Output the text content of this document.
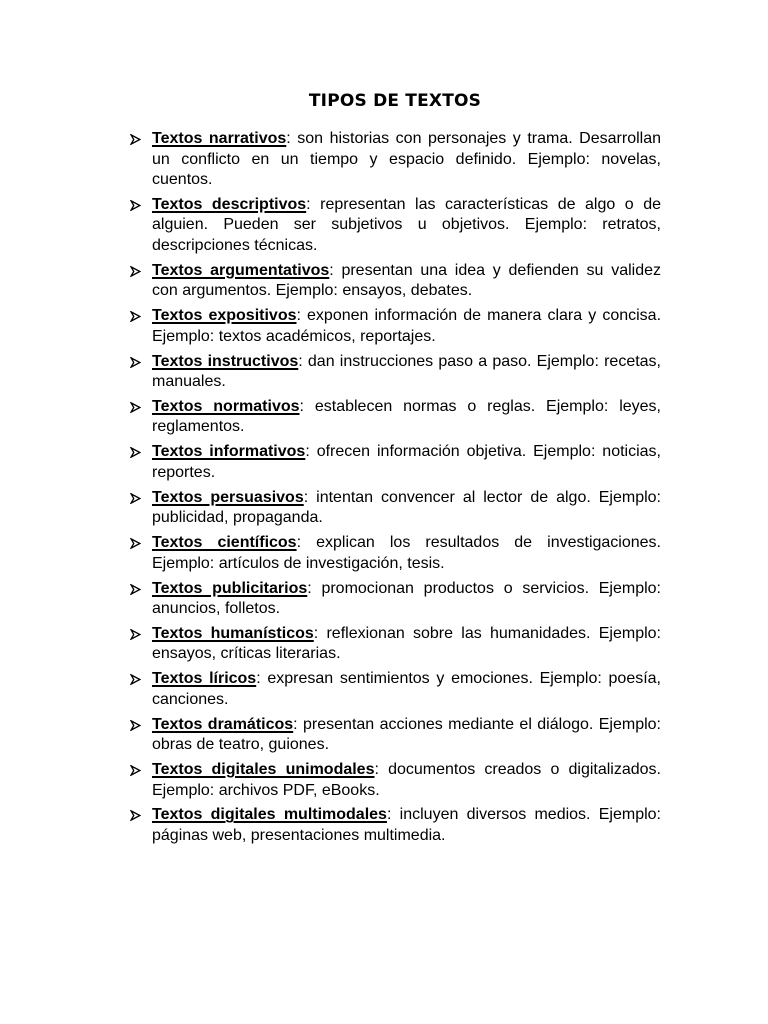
TIPOS DE TEXTOS
Textos narrativos: son historias con personajes y trama. Desarrollan un conflicto en un tiempo y espacio definido. Ejemplo: novelas, cuentos.
Textos descriptivos: representan las características de algo o de alguien. Pueden ser subjetivos u objetivos. Ejemplo: retratos, descripciones técnicas.
Textos argumentativos: presentan una idea y defienden su validez con argumentos. Ejemplo: ensayos, debates.
Textos expositivos: exponen información de manera clara y concisa. Ejemplo: textos académicos, reportajes.
Textos instructivos: dan instrucciones paso a paso. Ejemplo: recetas, manuales.
Textos normativos: establecen normas o reglas. Ejemplo: leyes, reglamentos.
Textos informativos: ofrecen información objetiva. Ejemplo: noticias, reportes.
Textos persuasivos: intentan convencer al lector de algo. Ejemplo: publicidad, propaganda.
Textos científicos: explican los resultados de investigaciones. Ejemplo: artículos de investigación, tesis.
Textos publicitarios: promocionan productos o servicios. Ejemplo: anuncios, folletos.
Textos humanísticos: reflexionan sobre las humanidades. Ejemplo: ensayos, críticas literarias.
Textos líricos: expresan sentimientos y emociones. Ejemplo: poesía, canciones.
Textos dramáticos: presentan acciones mediante el diálogo. Ejemplo: obras de teatro, guiones.
Textos digitales unimodales: documentos creados o digitalizados. Ejemplo: archivos PDF, eBooks.
Textos digitales multimodales: incluyen diversos medios. Ejemplo: páginas web, presentaciones multimedia.
